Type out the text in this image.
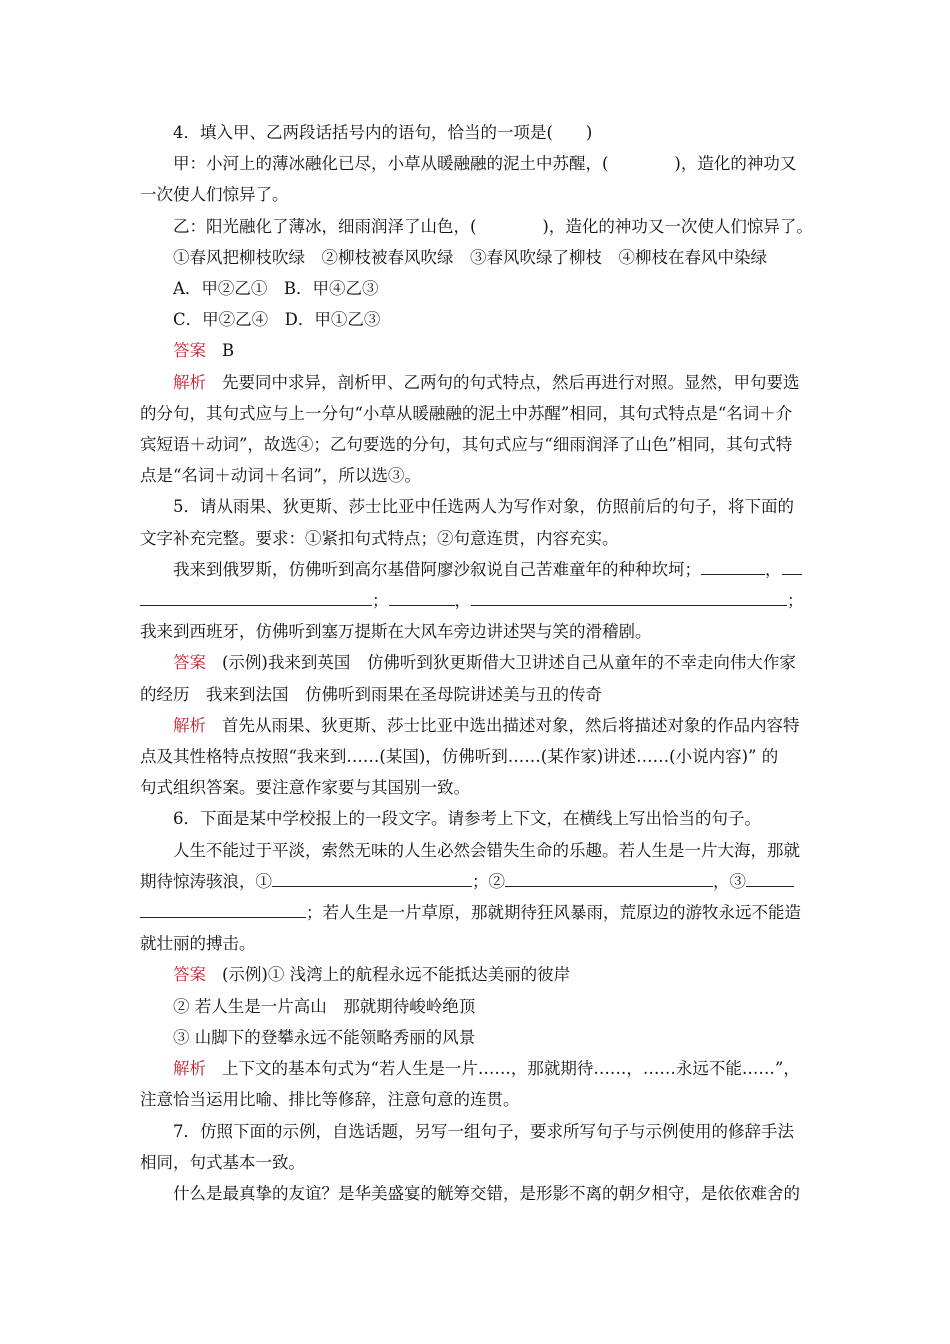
4．填入甲、乙两段话括号内的语句，恰当的一项是(　　)

甲：小河上的薄冰融化已尽，小草从暖融融的泥土中苏醒，(　　　　)，造化的神功又

一次使人们惊异了。

乙：阳光融化了薄冰，细雨润泽了山色，(　　　　)，造化的神功又一次使人们惊异了。

①春风把柳枝吹绿　②柳枝被春风吹绿　③春风吹绿了柳枝　④柳枝在春风中染绿

A．甲②乙①　B．甲④乙③

C．甲②乙④　D．甲①乙③

答案 B

解析 先要同中求异，剖析甲、乙两句的句式特点，然后再进行对照。显然，甲句要选

的分句，其句式应与上一分句“小草从暖融融的泥土中苏醒”相同，其句式特点是“名词＋介

宾短语＋动词”，故选④；乙句要选的分句，其句式应与“细雨润泽了山色”相同，其句式特

点是“名词＋动词＋名词”，所以选③。

5．请从雨果、狄更斯、莎士比亚中任选两人为写作对象，仿照前后的句子，将下面的

文字补充完整。要求：①紧扣句式特点；②句意连贯，内容充实。

我来到俄罗斯，仿佛听到高尔基借阿廖沙叙说自己苦难童年的种种坎坷；	，

；	，	；

我来到西班牙，仿佛听到塞万提斯在大风车旁边讲述哭与笑的滑稽剧。

答案 (示例)我来到英国　仿佛听到狄更斯借大卫讲述自己从童年的不幸走向伟大作家

的经历　我来到法国　仿佛听到雨果在圣母院讲述美与丑的传奇

解析 首先从雨果、狄更斯、莎士比亚中选出描述对象，然后将描述对象的作品内容特

点及其性格特点按照“我来到……(某国)，仿佛听到……(某作家)讲述……(小说内容)” 的

句式组织答案。要注意作家要与其国别一致。

6．下面是某中学校报上的一段文字。请参考上下文，在横线上写出恰当的句子。

人生不能过于平淡，索然无味的人生必然会错失生命的乐趣。若人生是一片大海，那就

期待惊涛骇浪，①	；②	，③

；若人生是一片草原，那就期待狂风暴雨，荒原边的游牧永远不能造

就壮丽的搏击。

答案 (示例)① 浅湾上的航程永远不能抵达美丽的彼岸

② 若人生是一片高山　那就期待峻岭绝顶

③ 山脚下的登攀永远不能领略秀丽的风景

解析 上下文的基本句式为“若人生是一片……，那就期待……，……永远不能……”，

注意恰当运用比喻、排比等修辞，注意句意的连贯。

7．仿照下面的示例，自选话题，另写一组句子，要求所写句子与示例使用的修辞手法

相同，句式基本一致。

什么是最真挚的友谊？是华美盛宴的觥筹交错，是形影不离的朝夕相守，是依依难舍的
